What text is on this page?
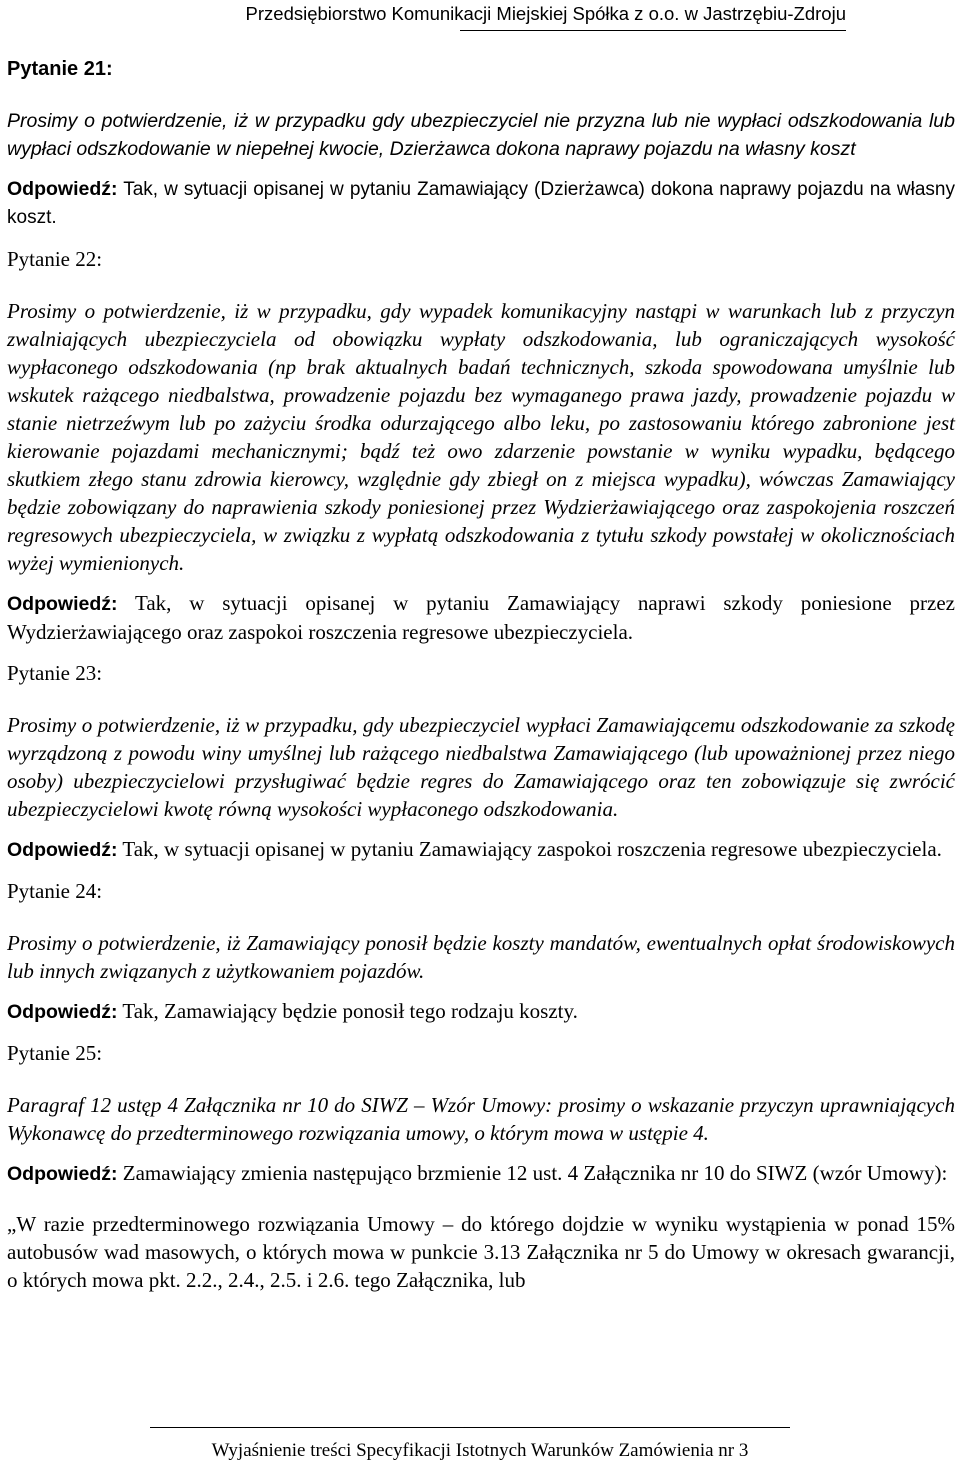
Przedsiębiorstwo Komunikacji Miejskiej Spółka z o.o. w Jastrzębiu-Zdroju
Pytanie 21:

Prosimy o potwierdzenie, iż w przypadku gdy ubezpieczyciel nie przyzna lub nie wypłaci odszkodowania lub wypłaci odszkodowanie w niepełnej kwocie, Dzierżawca dokona naprawy pojazdu na własny koszt

Odpowiedź: Tak, w sytuacji opisanej w pytaniu Zamawiający (Dzierżawca) dokona naprawy pojazdu na własny koszt.

Pytanie 22:

Prosimy o potwierdzenie, iż w przypadku, gdy wypadek komunikacyjny nastąpi w warunkach lub z przyczyn zwalniających ubezpieczyciela od obowiązku wypłaty odszkodowania, lub ograniczających wysokość wypłaconego odszkodowania (np brak aktualnych badań technicznych, szkoda spowodowana umyślnie lub wskutek rażącego niedbalstwa, prowadzenie pojazdu bez wymaganego prawa jazdy, prowadzenie pojazdu w stanie nietrzeźwym lub po zażyciu środka odurzającego albo leku, po zastosowaniu którego zabronione jest kierowanie pojazdami mechanicznymi; bądź też owo zdarzenie powstanie w wyniku wypadku, będącego skutkiem złego stanu zdrowia kierowcy, względnie gdy zbiegł on z miejsca wypadku), wówczas Zamawiający będzie zobowiązany do naprawienia szkody poniesionej przez Wydzierżawiającego oraz zaspokojenia roszczeń regresowych ubezpieczyciela, w związku z wypłatą odszkodowania z tytułu szkody powstałej w okolicznościach wyżej wymienionych.

Odpowiedź: Tak, w sytuacji opisanej w pytaniu Zamawiający naprawi szkody poniesione przez Wydzierżawiającego oraz zaspokoi roszczenia regresowe ubezpieczyciela.

Pytanie 23:

Prosimy o potwierdzenie, iż w przypadku, gdy ubezpieczyciel wypłaci Zamawiającemu odszkodowanie za szkodę wyrządzoną z powodu winy umyślnej lub rażącego niedbalstwa Zamawiającego (lub upoważnionej przez niego osoby) ubezpieczycielowi przysługiwać będzie regres do Zamawiającego oraz ten zobowiązuje się zwrócić ubezpieczycielowi kwotę równą wysokości wypłaconego odszkodowania.

Odpowiedź: Tak, w sytuacji opisanej w pytaniu Zamawiający zaspokoi roszczenia regresowe ubezpieczyciela.

Pytanie 24:

Prosimy o potwierdzenie, iż Zamawiający ponosił będzie koszty mandatów, ewentualnych opłat środowiskowych lub innych związanych z użytkowaniem pojazdów.

Odpowiedź: Tak, Zamawiający będzie ponosił tego rodzaju koszty.

Pytanie 25:

Paragraf 12 ustęp 4 Załącznika nr 10 do SIWZ – Wzór Umowy: prosimy o wskazanie przyczyn uprawniających Wykonawcę do przedterminowego rozwiązania umowy, o którym mowa w ustępie 4.

Odpowiedź: Zamawiający zmienia następująco brzmienie 12 ust. 4 Załącznika nr 10 do SIWZ (wzór Umowy):

„W razie przedterminowego rozwiązania Umowy – do którego dojdzie w wyniku wystąpienia w ponad 15% autobusów wad masowych, o których mowa w punkcie 3.13 Załącznika nr 5 do Umowy w okresach gwarancji, o których mowa pkt. 2.2., 2.4., 2.5. i 2.6. tego Załącznika, lub

Wyjaśnienie treści Specyfikacji Istotnych Warunków Zamówienia nr 3
